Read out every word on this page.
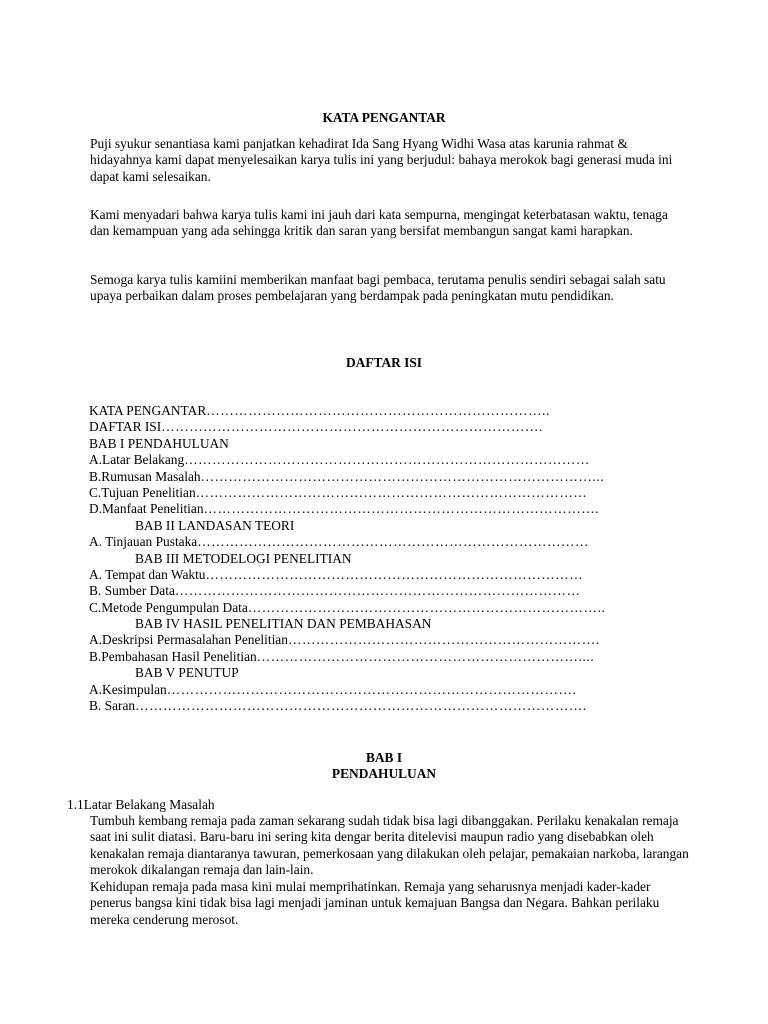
KATA PENGANTAR

Puji syukur senantiasa kami panjatkan kehadirat Ida Sang Hyang Widhi Wasa atas karunia rahmat & hidayahnya kami dapat menyelesaikan karya tulis ini yang berjudul: bahaya merokok bagi generasi muda ini dapat kami selesaikan.

Kami menyadari bahwa karya tulis kami ini jauh dari kata sempurna, mengingat keterbatasan waktu, tenaga dan kemampuan yang ada sehingga kritik dan saran yang bersifat membangun sangat kami harapkan.

Semoga karya tulis kamiini memberikan manfaat bagi pembaca, terutama penulis sendiri sebagai salah satu upaya perbaikan dalam proses pembelajaran yang berdampak pada peningkatan mutu pendidikan.

DAFTAR ISI
KATA PENGANTAR………………………………………………………………..
DAFTAR ISI……………………………………………………………………….
BAB I PENDAHULUAN
A.Latar Belakang……………………………………………………………………………
B.Rumusan Masalah…………………………………………………………………………...
C.Tujuan Penelitian…………………………………………………………………………
D.Manfaat Penelitian………………………………………………………………………….
BAB II LANDASAN TEORI
A. Tinjauan Pustaka…………………………………………………………………………
BAB III METODELOGI PENELITIAN
A. Tempat dan Waktu………………………………………………………………………
B. Sumber Data……………………………………………………………………………
C.Metode Pengumpulan Data…………………………………………………………………..
BAB IV HASIL PENELITIAN DAN PEMBAHASAN
A.Deskripsi Permasalahan Penelitian………………………………………………………….
B.Pembahasan Hasil Penelitian……………………………………………………………....
BAB V PENUTUP
A.Kesimpulan…………………………………………………………………………….
B. Saran…………………………………………………………………………………….
BAB I
PENDAHULUAN

1.1Latar Belakang Masalah

Tumbuh kembang remaja pada zaman sekarang sudah tidak bisa lagi dibanggakan. Perilaku kenakalan remaja saat ini sulit diatasi. Baru-baru ini sering kita dengar berita ditelevisi maupun radio yang disebabkan oleh kenakalan remaja diantaranya tawuran, pemerkosaan yang dilakukan oleh pelajar, pemakaian narkoba, larangan merokok dikalangan remaja dan lain-lain.

Kehidupan remaja pada masa kini mulai memprihatinkan. Remaja yang seharusnya menjadi kader-kader penerus bangsa kini tidak bisa lagi menjadi jaminan untuk kemajuan Bangsa dan Negara. Bahkan perilaku mereka cenderung merosot.
